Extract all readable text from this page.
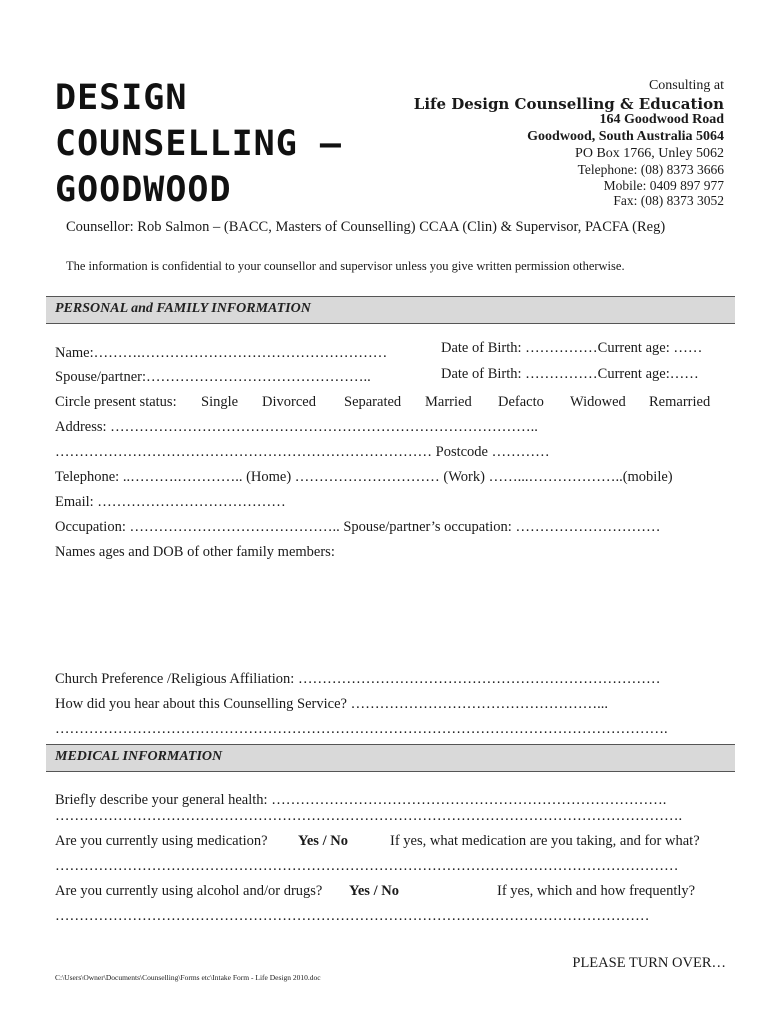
DESIGN
COUNSELLING –
GOODWOOD
Consulting at
Life Design Counselling & Education
164 Goodwood Road
Goodwood, South Australia 5064
PO Box 1766, Unley 5062
Telephone: (08) 8373 3666
Mobile: 0409 897 977
Fax: (08) 8373 3052
Counsellor: Rob Salmon – (BACC, Masters of Counselling) CCAA (Clin) & Supervisor, PACFA (Reg)
The information is confidential to your counsellor and supervisor unless you give written permission otherwise.
PERSONAL and FAMILY INFORMATION
Date of Birth: ……………Current age: ……
Name:……….……………………………………………
Date of Birth: ……………Current age:……
Spouse/partner:………………………………………..
Circle present status: Single Divorced Separated Married Defacto Widowed Remarried
Address: ……………………………………………………………………………..
…………………………………………………………………… Postcode …………
Telephone: ..……….………….. (Home) ………………………… (Work) ……...………………..(mobile)
Email: …………………………………
Occupation: …………………………………….. Spouse/partner’s occupation: …………………………
Names ages and DOB of other family members:
Church Preference /Religious Affiliation: …………………………………………………………………
How did you hear about this Counselling Service? ……………………………………………...
……………………………………………………………………………………………………………….
MEDICAL INFORMATION
Briefly describe your general health: ……………………………………………………………………….
………………………………………………………………………………………………………………….
Are you currently using medication? Yes / No	If yes, what medication are you taking, and for what?
…………………………………………………………………………………………………………………
Are you currently using alcohol and/or drugs? Yes / No	If yes, which and how frequently?
……………………………………………………………………………………………………………
PLEASE TURN OVER…
C:\Users\Owner\Documents\Counselling\Forms etc\Intake Form - Life Design 2010.doc
